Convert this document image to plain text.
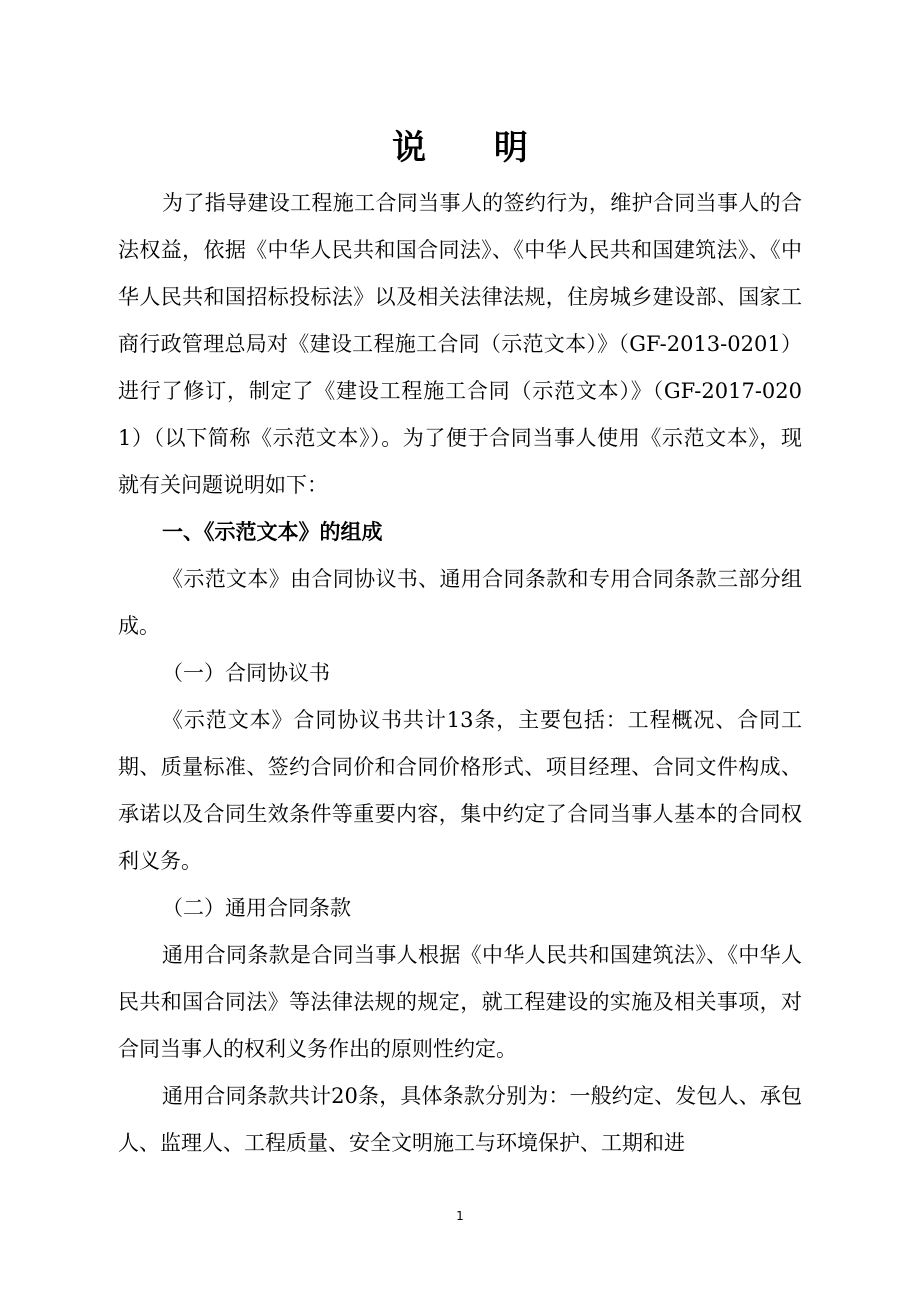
说 明

为了指导建设工程施工合同当事人的签约行为，维护合同当事人的合法权益，依据《中华人民共和国合同法》、《中华人民共和国建筑法》、《中华人民共和国招标投标法》以及相关法律法规，住房城乡建设部、国家工商行政管理总局对《建设工程施工合同（示范文本）》（GF-2013-0201）进行了修订，制定了《建设工程施工合同（示范文本）》（GF-2017-0201）（以下简称《示范文本》）。为了便于合同当事人使用《示范文本》，现就有关问题说明如下：

一、《示范文本》的组成

《示范文本》由合同协议书、通用合同条款和专用合同条款三部分组成。

（一）合同协议书

《示范文本》合同协议书共计13条，主要包括：工程概况、合同工期、质量标准、签约合同价和合同价格形式、项目经理、合同文件构成、承诺以及合同生效条件等重要内容，集中约定了合同当事人基本的合同权利义务。

（二）通用合同条款

通用合同条款是合同当事人根据《中华人民共和国建筑法》、《中华人民共和国合同法》等法律法规的规定，就工程建设的实施及相关事项，对合同当事人的权利义务作出的原则性约定。

通用合同条款共计20条，具体条款分别为：一般约定、发包人、承包人、监理人、工程质量、安全文明施工与环境保护、工期和进

1
